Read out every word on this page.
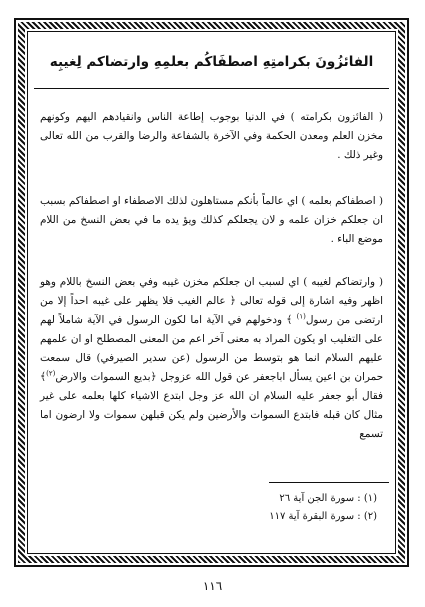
الفائزُونَ بكرامتِهِ اصطفَاكُم بعلمِهِ وارتضاكم لِغيبِه

( الفائزون بكرامته ) في الدنيا بوجوب إطاعة الناس وانقيادهم اليهم وكونهم مخزن العلم ومعدن الحكمة وفي الآخرة بالشفاعة والرضا والقرب من الله تعالى وغير ذلك .

( اصطفاكم بعلمه ) اي عالماً بأنكم مستاهلون لذلك الاصطفاء او اصطفاكم بسبب ان جعلكم خزان علمه و لان يجعلكم كذلك ويؤ يده ما في بعض النسخ من اللام موضع الباء .

( وارتضاكم لغيبه ) اي لسبب ان جعلكم مخزن غيبه وفي بعض النسخ باللام وهو اظهر وفيه اشارة إلى قوله تعالى ﴿ عالم الغيب فلا يظهر على غيبه احداً إلا من ارتضى من رسول$^{(١)}$ ﴾ ودخولهم في الآية اما لكون الرسول في الآية شاملاً لهم على التغليب او يكون المراد به معنى آخر اعم من المعنى المصطلح او ان علمهم عليهم السلام انما هو بتوسط من الرسول (عن سدير الصيرفي) قال سمعت حمران بن اعين يسأل اباجعفر عن قول الله عزوجل ﴿بديع السموات والارض$^{(٢)}$﴾ فقال أبو جعفر عليه السلام ان الله عز وجل ابتدع الاشياء كلها بعلمه على غير مثال كان قبله فابتدع السموات والأرضين ولم يكن قبلهن سموات ولا ارضون اما تسمع

(١) : سورة الجن آية ٢٦
(٢) : سورة البقرة آية ١١٧
١١٦
